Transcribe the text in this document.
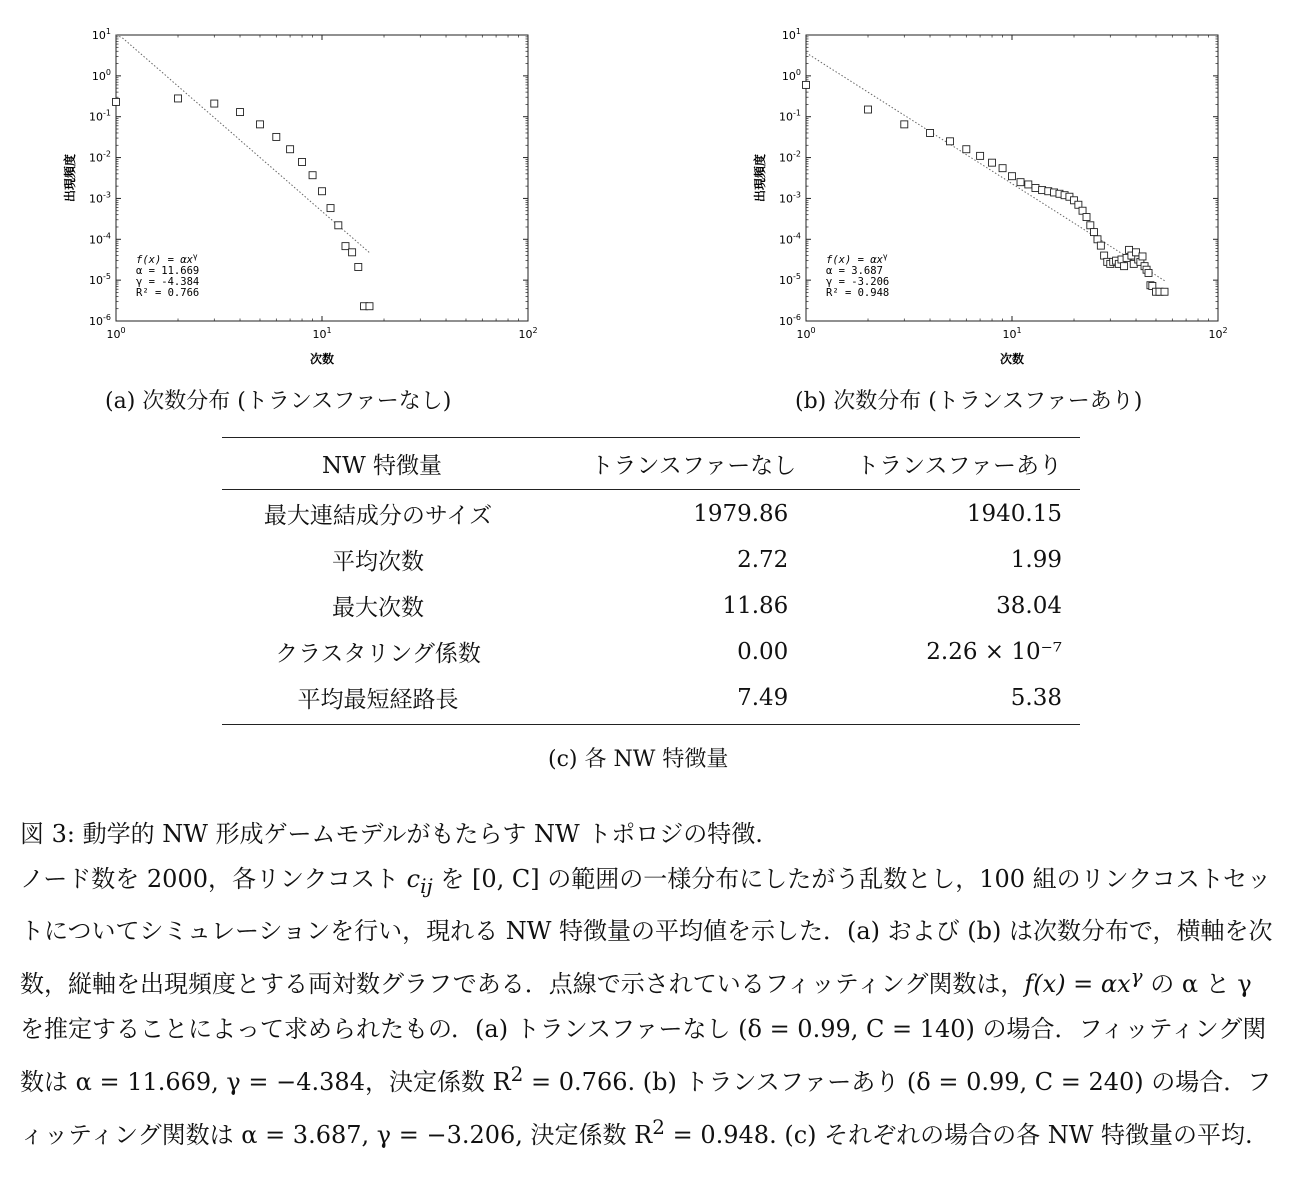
$10^{-6}$
$10^{-5}$
$10^{-4}$
$10^{-3}$
$10^{-2}$
$10^{-1}$
$10^0$
$10^1$
$10^0$	$10^1$	$10^2$
次数
出現頻度
$f(x) = \alpha x^\gamma$
α = 11.669
γ = -4.384
R² = 0.766
(a) 次数分布 (トランスファーなし)
$10^{-6}$
$10^{-5}$
$10^{-4}$
$10^{-3}$
$10^{-2}$
$10^{-1}$
$10^0$
$10^1$
$10^0$	$10^1$	$10^2$
次数
出現頻度
$f(x) = \alpha x^\gamma$
α = 3.687
γ = -3.206
R² = 0.948
(b) 次数分布 (トランスファーあり)
NW 特徴量	トランスファーなし	トランスファーあり
最大連結成分のサイズ	1979.86	1940.15
平均次数	2.72	1.99
最大次数	11.86	38.04
クラスタリング係数	0.00	2.26 × 10⁻⁷
平均最短経路長	7.49	5.38
(c) 各 NW 特徴量

図 3: 動学的 NW 形成ゲームモデルがもたらす NW トポロジの特徴.

ノード数を 2000，各リンクコスト $c_{ij}$ を [0, C] の範囲の一様分布にしたがう乱数とし，100 組のリンクコストセットについてシミュレーションを行い，現れる NW 特徴量の平均値を示した．(a) および (b) は次数分布で，横軸を次数，縦軸を出現頻度とする両対数グラフである．点線で示されているフィッティング関数は，$f(x) = \alpha x^\gamma$ の α と γ を推定することによって求められたもの．(a) トランスファーなし (δ = 0.99, C = 140) の場合．フィッティング関数は α = 11.669, γ = −4.384，決定係数 $R^2 = 0.766$. (b) トランスファーあり (δ = 0.99, C = 240) の場合．フィッティング関数は α = 3.687, γ = −3.206, 決定係数 $R^2 = 0.948$. (c) それぞれの場合の各 NW 特徴量の平均.
